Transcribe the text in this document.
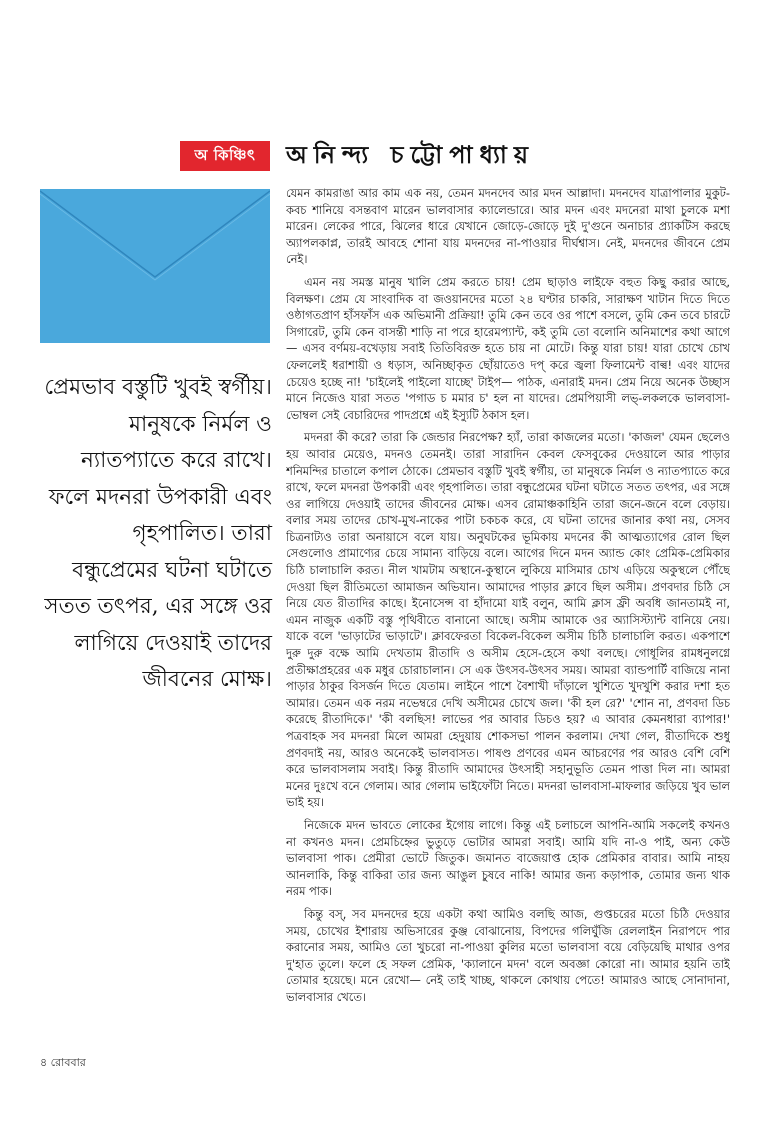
অ কিঞ্চিৎ	অনিন্দ্য চট্টোপাধ্যায়
প্রেমভাব বস্তুটি খুবই স্বর্গীয়। মানুষকে নির্মল ও ন্যাতপ্যাতে করে রাখে। ফলে মদনরা উপকারী এবং গৃহপালিত। তারা বন্ধুপ্রেমের ঘটনা ঘটাতে সতত তৎপর, এর সঙ্গে ওর লাগিয়ে দেওয়াই তাদের জীবনের মোক্ষ।

যেমন কামরাঙা আর কাম এক নয়, তেমন মদনদেব আর মদন আল্লাদা। মদনদেব যাত্রাপালার মুকুট-কবচ শানিয়ে বসন্তবাণ মারেন ভালবাসার ক্যালেন্ডারে। আর মদন এবং মদনেরা মাথা চুলকে মশা মারেন। লেকের পারে, ঝিলের ধারে যেখানে জোড়ে-জোড়ে দুই দু'গুনে অনাচার প্র্যাকটিস করছে অ্যাপলকাপ্ল, তারই আবহে শোনা যায় মদনদের না-পাওয়ার দীর্ঘশ্বাস। নেই, মদনদের জীবনে প্রেম নেই।

এমন নয় সমস্ত মানুষ খালি প্রেম করতে চায়! প্রেম ছাড়াও লাইফে বহুত কিছু করার আছে, বিলক্ষণ। প্রেম যে সাংবাদিক বা জওয়ানদের মতো ২৪ ঘণ্টার চাকরি, সারাক্ষণ খাটান দিতে দিতে ওষ্ঠাগতপ্রাণ হাঁসফাঁস এক অভিমানী প্রক্রিয়া! তুমি কেন তবে ওর পাশে বসলে, তুমি কেন তবে চারটে সিগারেট, তুমি কেন বাসন্তী শাড়ি না পরে হারেমপ্যান্ট, কই তুমি তো বলোনি অনিমাশের কথা আগে— এসব বর্ণময়-বখেড়ায় সবাই তিতিবিরক্ত হতে চায় না মোটে। কিন্তু যারা চায়! যারা চোখে চোখ ফেললেই ধরাশায়ী ও ধড়াস, অনিচ্ছাকৃত ছোঁয়াতেও দপ্ করে জ্বলা ফিলামেন্ট বাল্ব! এবং যাদের চেয়েও হচ্ছে না! 'চাইলেই পাইলো যাচ্ছে' টাইপ— পাঠক, এনারাই মদন। প্রেম নিয়ে অনেক উচ্ছাস মানে নিজেও যারা সতত 'পগাড চ মমার চ' হল না যাদের। প্রেমপিয়াসী লভ্-লকলকে ভালবাসা-ভোম্বল সেই বেচারিদের পাদপ্রশ্নে এই ইস্যুটি ঠকাস হল।

মদনরা কী করে? তারা কি জেন্ডার নিরপেক্ষ? হ্যাঁ, তারা কাজলের মতো। 'কাজল' যেমন ছেলেও হয় আবার মেয়েও, মদনও তেমনই। তারা সারাদিন কেবল ফেসবুকের দেওয়ালে আর পাড়ার শনিমন্দির চাতালে কপাল ঠোকে। প্রেমভাব বস্তুটি খুবই স্বর্গীয়, তা মানুষকে নির্মল ও ন্যাতপ্যাতে করে রাখে, ফলে মদনরা উপকারী এবং গৃহপালিত। তারা বন্ধুপ্রেমের ঘটনা ঘটাতে সতত তৎপর, এর সঙ্গে ওর লাগিয়ে দেওয়াই তাদের জীবনের মোক্ষ। এসব রোমাঞ্চকাহিনি তারা জনে-জনে বলে বেড়ায়। বলার সময় তাদের চোখ-মুখ-নাকের পাটা চকচক করে, যে ঘটনা তাদের জানার কথা নয়, সেসব চিত্রনাট্যও তারা অনায়াসে বলে যায়। অনুঘটকের ভূমিকায় মদনের কী আত্মত্যাগের রোল ছিল সেগুলোও প্রামাণ্যের চেয়ে সামান্য বাড়িয়ে বলে। আগের দিনে মদন অ্যান্ড কোং প্রেমিক-প্রেমিকার চিঠি চালাচালি করত। নীল খামটাম অস্থানে-কুস্থানে লুকিয়ে মাসিমার চোখ এড়িয়ে অকুস্থলে পৌঁছে দেওয়া ছিল রীতিমতো আমাজন অভিযান। আমাদের পাড়ার ক্লাবে ছিল অসীম। প্রণবদার চিঠি সে নিয়ে যেত রীতাদির কাছে। ইনোসেন্স বা হাঁদামো যাই বলুন, আমি ক্লাস ফ্রী অবধি জানতামই না, এমন নাজুক একটি বস্তু পৃথিবীতে বানানো আছে। অসীম আমাকে ওর অ্যাসিস্ট্যান্ট বানিয়ে নেয়। যাকে বলে 'ভাড়াটের ভাড়াটে'। ক্লাবফেরতা বিকেল-বিকেল অসীম চিঠি চালাচালি করত। একপাশে দুরু দুরু বক্ষে আমি দেখতাম রীতাদি ও অসীম হেসে-হেসে কথা বলছে। গোধূলির রামধনুলগ্নে প্রতীক্ষাপ্রহরের এক মধুর চোরাচালান। সে এক উৎসব-উৎসব সময়। আমরা ব্যান্ডপার্টি বাজিয়ে নানা পাড়ার ঠাকুর বিসর্জন দিতে যেতাম। লাইনে পাশে বৈশাখী দাঁড়ালে খুশিতে খুদখুশি করার দশা হত আমার। তেমন এক নরম নভেম্বরে দেখি অসীমের চোখে জল। 'কী হল রে?' 'শোন না, প্রণবদা ডিচ করেছে রীতাদিকে।' 'কী বলছিস! লাভের পর আবার ডিচও হয়? এ আবার কেমনধারা ব্যাপার!' পত্রবাহক সব মদনরা মিলে আমরা হেদুয়ায় শোকসভা পালন করলাম। দেখা গেল, রীতাদিকে শুধু প্রণবদাই নয়, আরও অনেকেই ভালবাসত। পাষণ্ড প্রণবের এমন আচরণের পর আরও বেশি বেশি করে ভালবাসলাম সবাই। কিন্তু রীতাদি আমাদের উৎসাহী সহানুভূতি তেমন পাত্তা দিল না। আমরা মনের দুঃখে বনে গেলাম। আর গেলাম ভাইফোঁটা নিতে। মদনরা ভালবাসা-মাফলার জড়িয়ে খুব ভাল ভাই হয়।

নিজেকে মদন ভাবতে লোকের ইগোয় লাগে। কিন্তু এই চলাচলে আপনি-আমি সকলেই কখনও না কখনও মদন। প্রেমচিহ্নের ভুতুড়ে ভোটার আমরা সবাই। আমি যদি না-ও পাই, অন্য কেউ ভালবাসা পাক। প্রেমীরা ভোটে জিতুক। জমানত বাজেয়াপ্ত হোক প্রেমিকার বাবার। আমি নাহয় আনলাকি, কিন্তু বাকিরা তার জন্য আঙুল চুষবে নাকি! আমার জন্য কড়াপাক, তোমার জন্য থাক নরম পাক।

কিন্তু বস্, সব মদনদের হয়ে একটা কথা আমিও বলছি আজ, গুপ্তচরের মতো চিঠি দেওয়ার সময়, চোখের ইশারায় অভিসারের কুঞ্জ বোঝানোয়, বিপদের গলিঘুঁজি রেললাইন নিরাপদে পার করানোর সময়, আমিও তো খুচরো না-পাওয়া কুলির মতো ভালবাসা বয়ে বেড়িয়েছি মাথার ওপর দু'হাত তুলে। ফলে হে সফল প্রেমিক, 'ক্যালানে মদন' বলে অবজ্ঞা কোরো না। আমার হয়নি তাই তোমার হয়েছে। মনে রেখো— নেই তাই খাচ্ছ, থাকলে কোথায় পেতে! আমারও আছে সোনাদানা, ভালবাসার খেতে।

৪ রোববার
